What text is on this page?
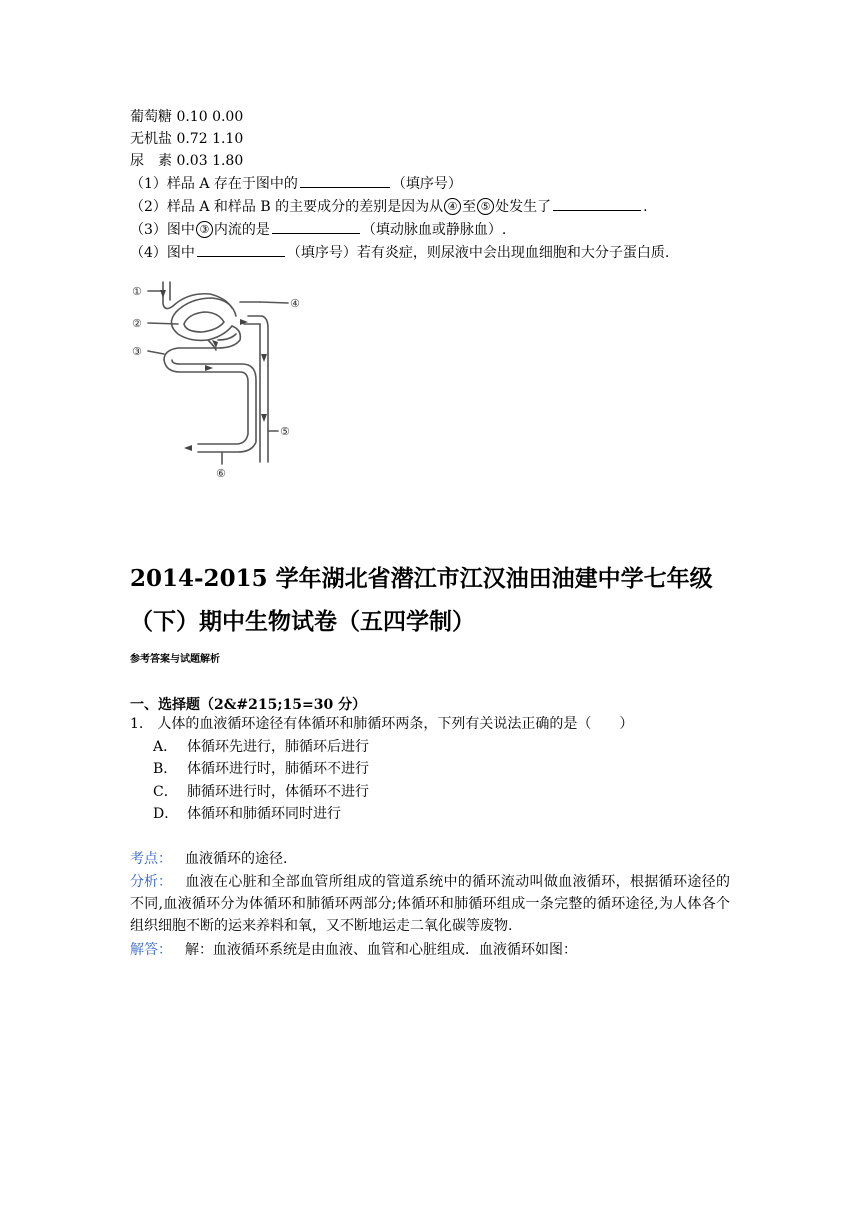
葡萄糖 0.10 0.00
无机盐 0.72 1.10
尿　素 0.03 1.80
（1）样品 A 存在于图中的	（填序号）
（2）样品 A 和样品 B 的主要成分的差别是因为从 ④ 至 ⑤ 处发生了	.
（3）图中 ③ 内流的是	（填动脉血或静脉血）.
（4）图中	（填序号）若有炎症，则尿液中会出现血细胞和大分子蛋白质.
①
②
③
④
⑤
⑥
2014-2015 学年湖北省潜江市江汉油田油建中学七年级
（下）期中生物试卷（五四学制）
参考答案与试题解析
一、选择题（2&#215;15=30 分）
1.　人体的血液循环途径有体循环和肺循环两条，下列有关说法正确的是（　　）
A． 体循环先进行，肺循环后进行
B． 体循环进行时，肺循环不进行
C． 肺循环进行时，体循环不进行
D． 体循环和肺循环同时进行
考点： 血液循环的途径.
分析： 血液在心脏和全部血管所组成的管道系统中的循环流动叫做血液循环，根据循环途径的不同,血液循环分为体循环和肺循环两部分;体循环和肺循环组成一条完整的循环途径,为人体各个组织细胞不断的运来养料和氧，又不断地运走二氧化碳等废物.
解答： 解：血液循环系统是由血液、血管和心脏组成．血液循环如图：
